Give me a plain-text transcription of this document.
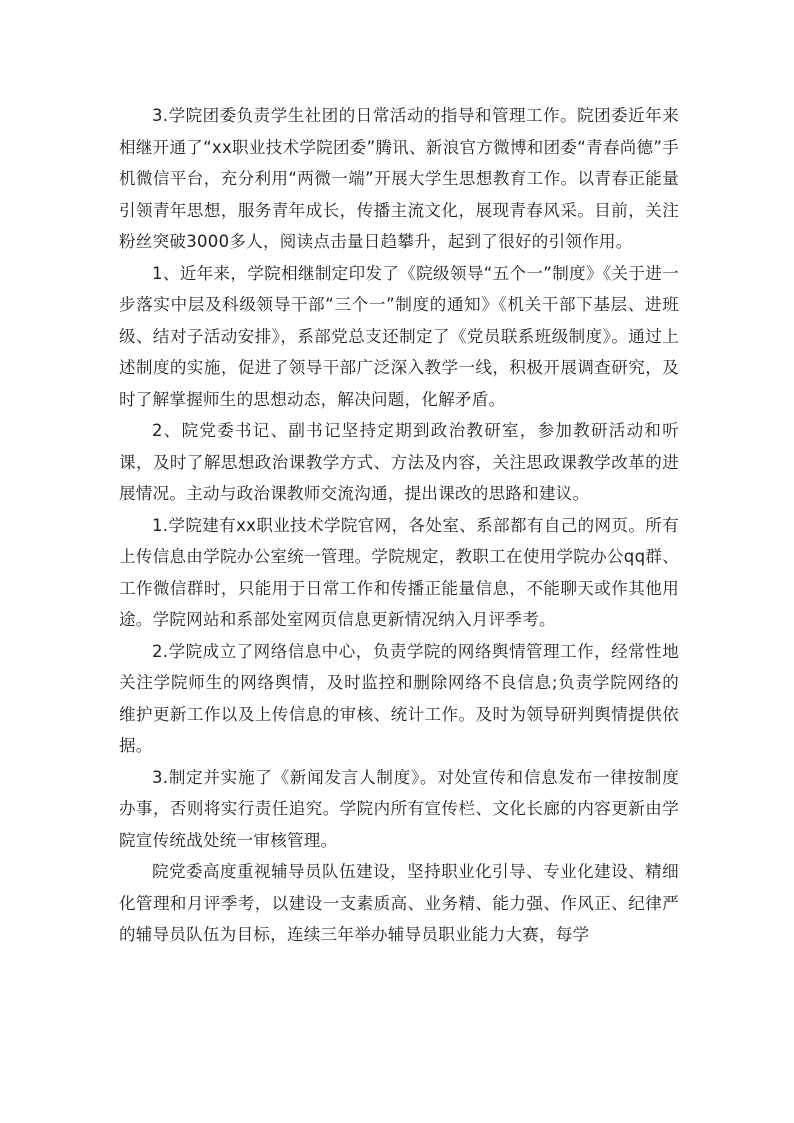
3.学院团委负责学生社团的日常活动的指导和管理工作。院团委近年来相继开通了“xx职业技术学院团委”腾讯、新浪官方微博和团委“青春尚德”手机微信平台，充分利用“两微一端”开展大学生思想教育工作。以青春正能量引领青年思想，服务青年成长，传播主流文化，展现青春风采。目前，关注粉丝突破3000多人，阅读点击量日趋攀升，起到了很好的引领作用。

1、近年来，学院相继制定印发了《院级领导“五个一”制度》《关于进一步落实中层及科级领导干部“三个一”制度的通知》《机关干部下基层、进班级、结对子活动安排》，系部党总支还制定了《党员联系班级制度》。通过上述制度的实施，促进了领导干部广泛深入教学一线，积极开展调查研究，及时了解掌握师生的思想动态，解决问题，化解矛盾。

2、院党委书记、副书记坚持定期到政治教研室，参加教研活动和听课，及时了解思想政治课教学方式、方法及内容，关注思政课教学改革的进展情况。主动与政治课教师交流沟通，提出课改的思路和建议。

1.学院建有xx职业技术学院官网，各处室、系部都有自己的网页。所有上传信息由学院办公室统一管理。学院规定，教职工在使用学院办公qq群、工作微信群时，只能用于日常工作和传播正能量信息，不能聊天或作其他用途。学院网站和系部处室网页信息更新情况纳入月评季考。

2.学院成立了网络信息中心，负责学院的网络舆情管理工作，经常性地关注学院师生的网络舆情，及时监控和删除网络不良信息;负责学院网络的维护更新工作以及上传信息的审核、统计工作。及时为领导研判舆情提供依据。

3.制定并实施了《新闻发言人制度》。对处宣传和信息发布一律按制度办事，否则将实行责任追究。学院内所有宣传栏、文化长廊的内容更新由学院宣传统战处统一审核管理。

院党委高度重视辅导员队伍建设，坚持职业化引导、专业化建设、精细化管理和月评季考，以建设一支素质高、业务精、能力强、作风正、纪律严的辅导员队伍为目标，连续三年举办辅导员职业能力大赛，每学
